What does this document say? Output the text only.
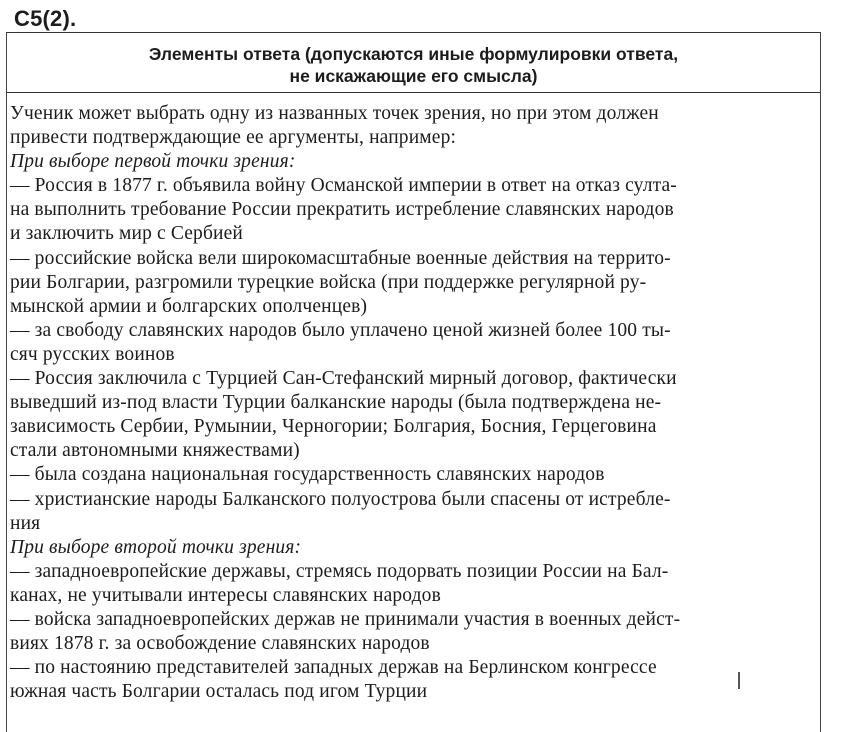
С5(2).
Элементы ответа (допускаются иные формулировки ответа,
не искажающие его смысла)
Ученик может выбрать одну из названных точек зрения, но при этом должен
привести подтверждающие ее аргументы, например:
При выборе первой точки зрения:
— Россия в 1877 г. объявила войну Османской империи в ответ на отказ султа-
на выполнить требование России прекратить истребление славянских народов
и заключить мир с Сербией
— российские войска вели широкомасштабные военные действия на террито-
рии Болгарии, разгромили турецкие войска (при поддержке регулярной ру-
мынской армии и болгарских ополченцев)
— за свободу славянских народов было уплачено ценой жизней более 100 ты-
сяч русских воинов
— Россия заключила с Турцией Сан-Стефанский мирный договор, фактически
выведший из-под власти Турции балканские народы (была подтверждена не-
зависимость Сербии, Румынии, Черногории; Болгария, Босния, Герцеговина
стали автономными княжествами)
— была создана национальная государственность славянских народов
— христианские народы Балканского полуострова были спасены от истребле-
ния
При выборе второй точки зрения:
— западноевропейские державы, стремясь подорвать позиции России на Бал-
канах, не учитывали интересы славянских народов
— войска западноевропейских держав не принимали участия в военных дейст-
виях 1878 г. за освобождение славянских народов
— по настоянию представителей западных держав на Берлинском конгрессе
южная часть Болгарии осталась под игом Турции
